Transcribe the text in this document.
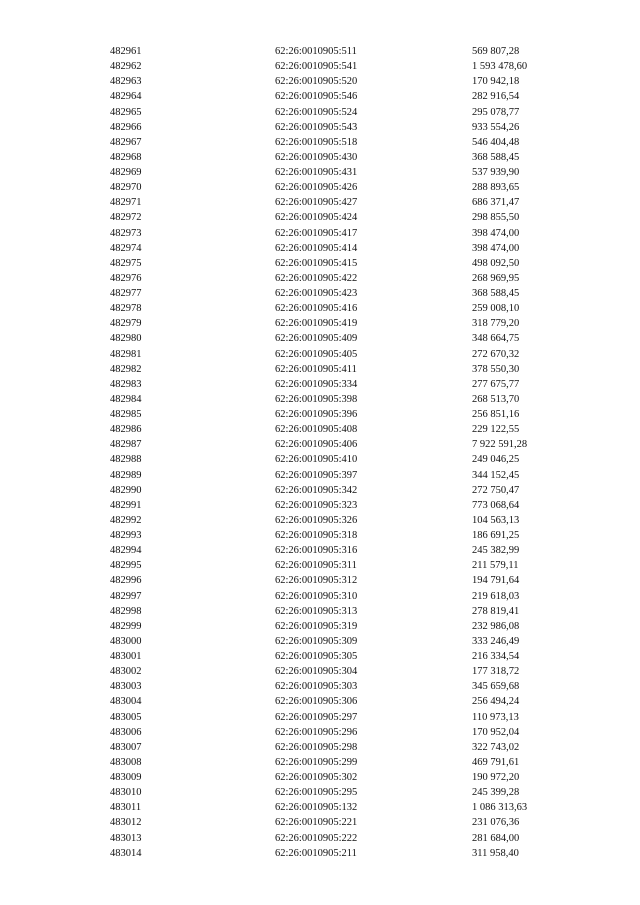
482961	62:26:0010905:511	569 807,28
482962	62:26:0010905:541	1 593 478,60
482963	62:26:0010905:520	170 942,18
482964	62:26:0010905:546	282 916,54
482965	62:26:0010905:524	295 078,77
482966	62:26:0010905:543	933 554,26
482967	62:26:0010905:518	546 404,48
482968	62:26:0010905:430	368 588,45
482969	62:26:0010905:431	537 939,90
482970	62:26:0010905:426	288 893,65
482971	62:26:0010905:427	686 371,47
482972	62:26:0010905:424	298 855,50
482973	62:26:0010905:417	398 474,00
482974	62:26:0010905:414	398 474,00
482975	62:26:0010905:415	498 092,50
482976	62:26:0010905:422	268 969,95
482977	62:26:0010905:423	368 588,45
482978	62:26:0010905:416	259 008,10
482979	62:26:0010905:419	318 779,20
482980	62:26:0010905:409	348 664,75
482981	62:26:0010905:405	272 670,32
482982	62:26:0010905:411	378 550,30
482983	62:26:0010905:334	277 675,77
482984	62:26:0010905:398	268 513,70
482985	62:26:0010905:396	256 851,16
482986	62:26:0010905:408	229 122,55
482987	62:26:0010905:406	7 922 591,28
482988	62:26:0010905:410	249 046,25
482989	62:26:0010905:397	344 152,45
482990	62:26:0010905:342	272 750,47
482991	62:26:0010905:323	773 068,64
482992	62:26:0010905:326	104 563,13
482993	62:26:0010905:318	186 691,25
482994	62:26:0010905:316	245 382,99
482995	62:26:0010905:311	211 579,11
482996	62:26:0010905:312	194 791,64
482997	62:26:0010905:310	219 618,03
482998	62:26:0010905:313	278 819,41
482999	62:26:0010905:319	232 986,08
483000	62:26:0010905:309	333 246,49
483001	62:26:0010905:305	216 334,54
483002	62:26:0010905:304	177 318,72
483003	62:26:0010905:303	345 659,68
483004	62:26:0010905:306	256 494,24
483005	62:26:0010905:297	110 973,13
483006	62:26:0010905:296	170 952,04
483007	62:26:0010905:298	322 743,02
483008	62:26:0010905:299	469 791,61
483009	62:26:0010905:302	190 972,20
483010	62:26:0010905:295	245 399,28
483011	62:26:0010905:132	1 086 313,63
483012	62:26:0010905:221	231 076,36
483013	62:26:0010905:222	281 684,00
483014	62:26:0010905:211	311 958,40
